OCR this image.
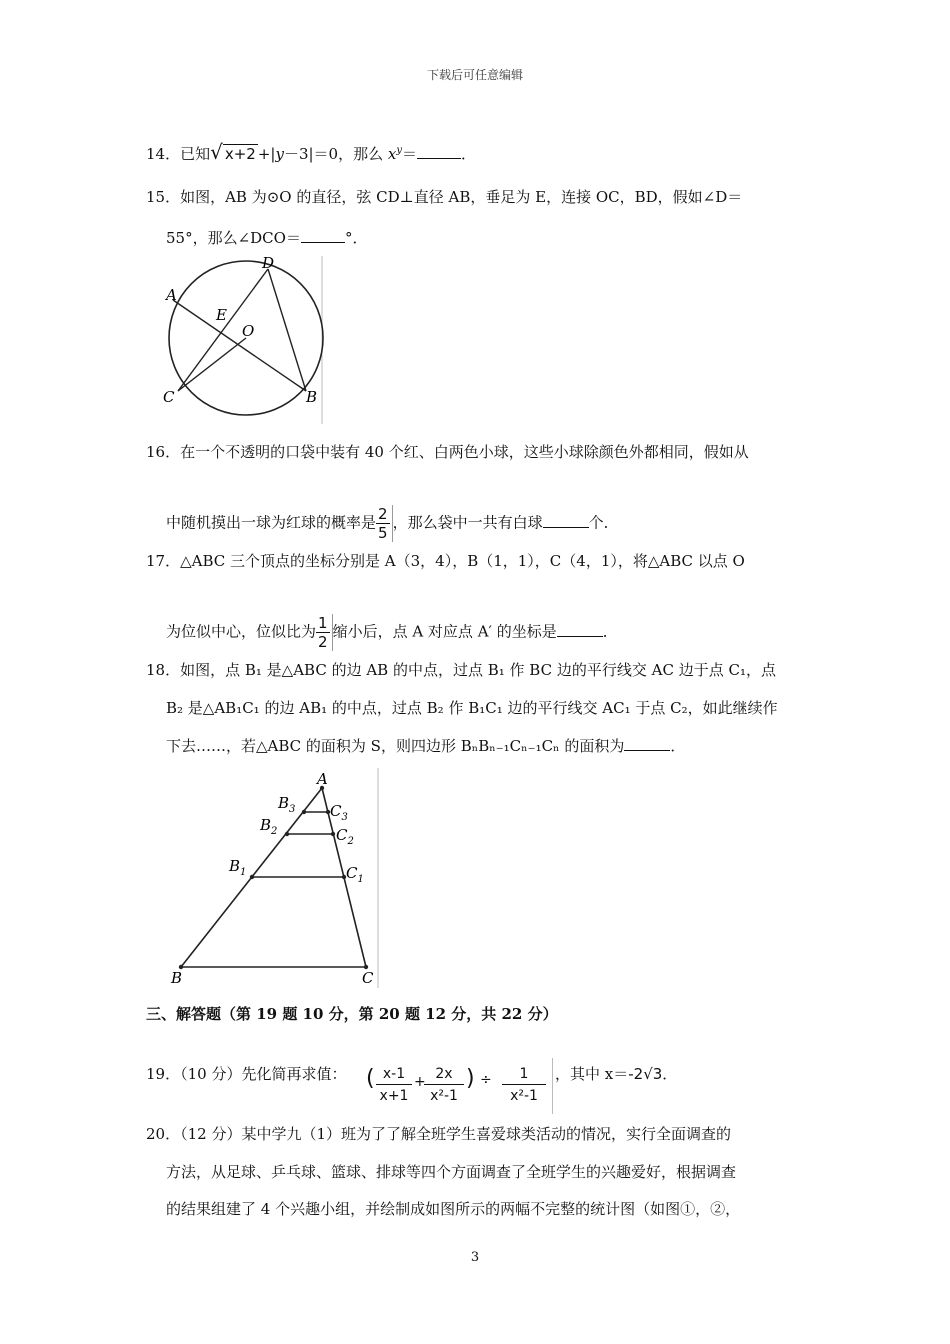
下载后可任意编辑
14．已知√ x+2 +|y－3|＝0，那么 $x^y=$	．
15．如图，AB 为⊙O 的直径，弦 CD⊥直径 AB，垂足为 E，连接 OC，BD，假如∠D＝
55°，那么∠DCO＝	°．
A
D
E
O
C	B
16．在一个不透明的口袋中装有 40 个红、白两色小球，这些小球除颜色外都相同，假如从
中随机摸出一球为红球的概率是 $\frac{2}{5}$ ，那么袋中一共有白球	个．
17．△ABC 三个顶点的坐标分别是 A（3，4），B（1，1），C（4，1），将△ABC 以点 O
为位似中心，位似比为 $\frac{1}{2}$ 缩小后，点 A 对应点 A′ 的坐标是	．
18．如图，点 B₁ 是△ABC 的边 AB 的中点，过点 B₁ 作 BC 边的平行线交 AC 边于点 C₁，点
B₂ 是△AB₁C₁ 的边 AB₁ 的中点，过点 B₂ 作 B₁C₁ 边的平行线交 AC₁ 于点 C₂，如此继续作
下去……，若△ABC 的面积为 S，则四边形 BₙBₙ₋₁Cₙ₋₁Cₙ 的面积为	．
A
$B_3$ $C_3$
$B_2$	$C_2$
$B_1$	$C_1$
B	C
三、解答题（第 19 题 10 分，第 20 题 12 分，共 22 分）
19．（10 分）先化简再求值： ( $\frac{x-1}{x+1}$ +
$\frac{2x}{\text{x²-1}}$ ) ÷ $\frac{1}{\text{x²-1}}$ ，其中 x＝-2√3．
20．（12 分）某中学九（1）班为了了解全班学生喜爱球类活动的情况，实行全面调查的
方法，从足球、乒乓球、篮球、排球等四个方面调查了全班学生的兴趣爱好，根据调查
的结果组建了 4 个兴趣小组，并绘制成如图所示的两幅不完整的统计图（如图①，②，
3
